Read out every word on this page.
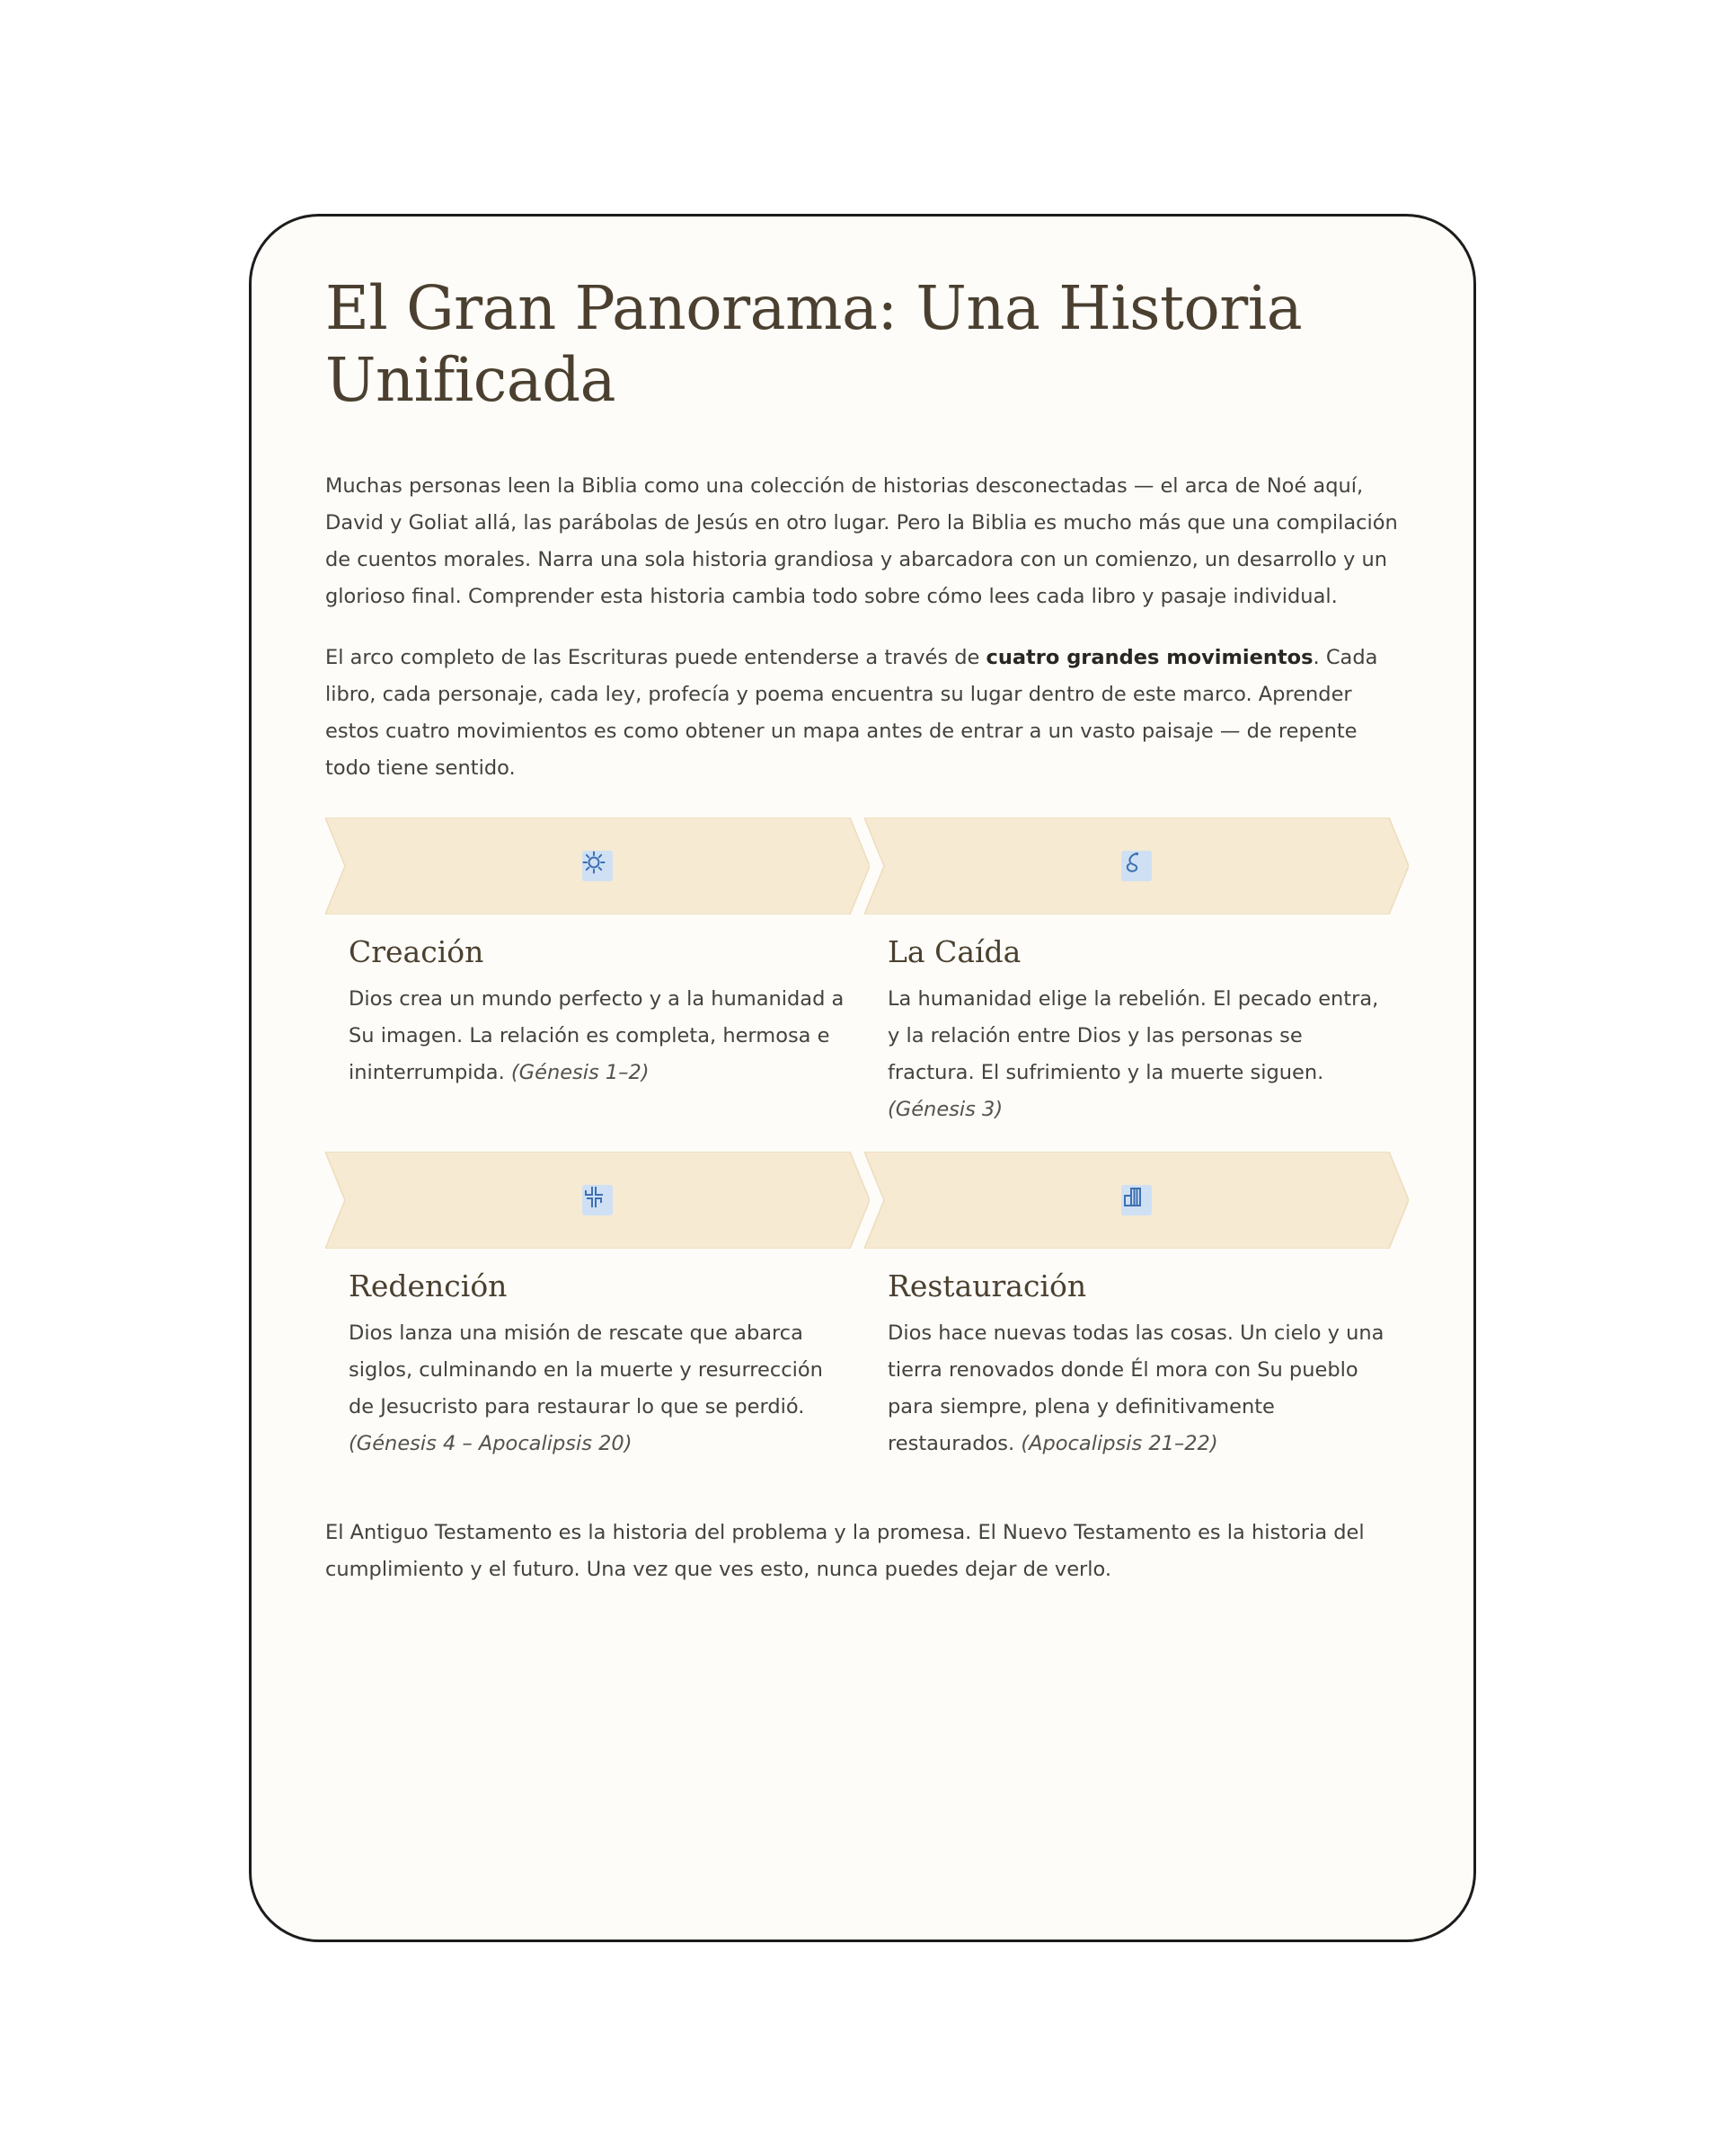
El Gran Panorama: Una Historia Unificada

Muchas personas leen la Biblia como una colección de historias desconectadas — el arca de Noé aquí, David y Goliat allá, las parábolas de Jesús en otro lugar. Pero la Biblia es mucho más que una compilación de cuentos morales. Narra una sola historia grandiosa y abarcadora con un comienzo, un desarrollo y un glorioso final. Comprender esta historia cambia todo sobre cómo lees cada libro y pasaje individual.

El arco completo de las Escrituras puede entenderse a través de cuatro grandes movimientos. Cada libro, cada personaje, cada ley, profecía y poema encuentra su lugar dentro de este marco. Aprender estos cuatro movimientos es como obtener un mapa antes de entrar a un vasto paisaje — de repente todo tiene sentido.

Creación

Dios crea un mundo perfecto y a la humanidad a Su imagen. La relación es completa, hermosa e ininterrumpida. (Génesis 1–2)

La Caída

La humanidad elige la rebelión. El pecado entra, y la relación entre Dios y las personas se fractura. El sufrimiento y la muerte siguen. (Génesis 3)

Redención

Dios lanza una misión de rescate que abarca siglos, culminando en la muerte y resurrección de Jesucristo para restaurar lo que se perdió. (Génesis 4 – Apocalipsis 20)

Restauración

Dios hace nuevas todas las cosas. Un cielo y una tierra renovados donde Él mora con Su pueblo para siempre, plena y definitivamente restaurados. (Apocalipsis 21–22)

El Antiguo Testamento es la historia del problema y la promesa. El Nuevo Testamento es la historia del cumplimiento y el futuro. Una vez que ves esto, nunca puedes dejar de verlo.
